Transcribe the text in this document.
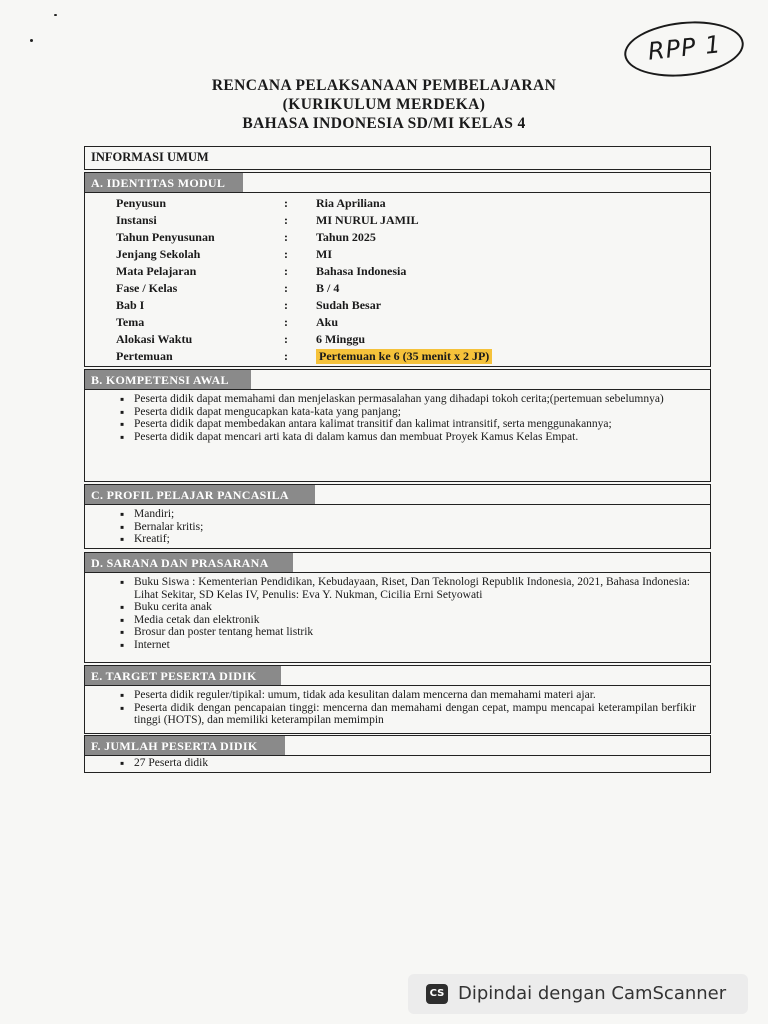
RPP 1
RENCANA PELAKSANAAN PEMBELAJARAN
(KURIKULUM MERDEKA)
BAHASA INDONESIA SD/MI KELAS 4
INFORMASI UMUM
A. IDENTITAS MODUL
Penyusun	: Ria Apriliana
Instansi	: MI NURUL JAMIL
Tahun Penyusunan	: Tahun 2025
Jenjang Sekolah	: MI
Mata Pelajaran	: Bahasa Indonesia
Fase / Kelas	: B / 4
Bab I	: Sudah Besar
Tema	: Aku
Alokasi Waktu	: 6 Minggu
Pertemuan	:	Pertemuan ke 6 (35 menit x 2 JP)
B. KOMPETENSI AWAL
▪ Peserta didik dapat memahami dan menjelaskan permasalahan yang dihadapi tokoh cerita;(pertemuan sebelumnya)
▪ Peserta didik dapat mengucapkan kata-kata yang panjang;
▪ Peserta didik dapat membedakan antara kalimat transitif dan kalimat intransitif, serta menggunakannya;
▪ Peserta didik dapat mencari arti kata di dalam kamus dan membuat Proyek Kamus Kelas Empat.
C. PROFIL PELAJAR PANCASILA
▪ Mandiri;
▪ Bernalar kritis;
▪ Kreatif;
D. SARANA DAN PRASARANA
▪ Buku Siswa : Kementerian Pendidikan, Kebudayaan, Riset, Dan Teknologi Republik Indonesia, 2021, Bahasa Indonesia: Lihat Sekitar, SD Kelas IV, Penulis: Eva Y. Nukman, Cicilia Erni Setyowati
▪ Buku cerita anak
▪ Media cetak dan elektronik
▪ Brosur dan poster tentang hemat listrik
▪ Internet
E. TARGET PESERTA DIDIK
▪ Peserta didik reguler/tipikal: umum, tidak ada kesulitan dalam mencerna dan memahami materi ajar.
▪ Peserta didik dengan pencapaian tinggi: mencerna dan memahami dengan cepat, mampu mencapai keterampilan berfikir tinggi (HOTS), dan memiliki keterampilan memimpin
F. JUMLAH PESERTA DIDIK
▪ 27 Peserta didik
CS Dipindai dengan CamScanner
